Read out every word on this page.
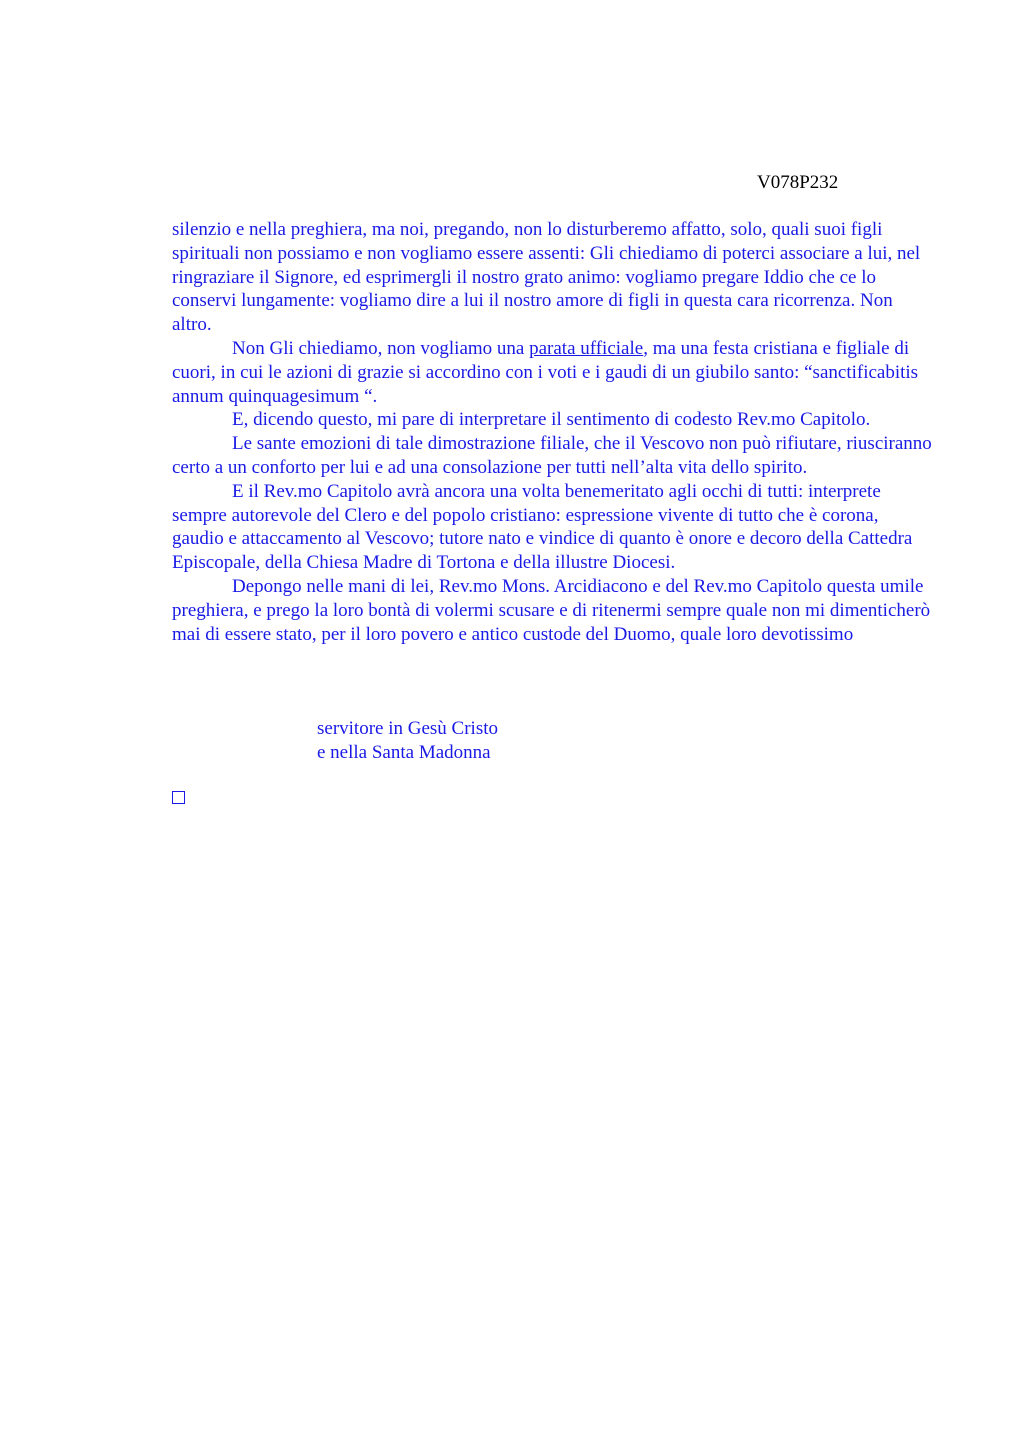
V078P232

silenzio e nella preghiera, ma noi, pregando, non lo disturberemo affatto, solo, quali suoi figli spirituali non possiamo e non vogliamo essere assenti: Gli chiediamo di poterci associare a lui, nel ringraziare il Signore, ed esprimergli il nostro grato animo: vogliamo pregare Iddio che ce lo conservi lungamente: vogliamo dire a lui il nostro amore di figli in questa cara ricorrenza. Non altro.

Non Gli chiediamo, non vogliamo una parata ufficiale, ma una festa cristiana e figliale di cuori, in cui le azioni di grazie si accordino con i voti e i gaudi di un giubilo santo: “sanctificabitis annum quinquagesimum “.

E, dicendo questo, mi pare di interpretare il sentimento di codesto Rev.mo Capitolo.

Le sante emozioni di tale dimostrazione filiale, che il Vescovo non può rifiutare, riusciranno certo a un conforto per lui e ad una consolazione per tutti nell’alta vita dello spirito.

E il Rev.mo Capitolo avrà ancora una volta benemeritato agli occhi di tutti: interprete sempre autorevole del Clero e del popolo cristiano: espressione vivente di tutto che è corona, gaudio e attaccamento al Vescovo; tutore nato e vindice di quanto è onore e decoro della Cattedra Episcopale, della Chiesa Madre di Tortona e della illustre Diocesi.

Depongo nelle mani di lei, Rev.mo Mons. Arcidiacono e del Rev.mo Capitolo questa umile preghiera, e prego la loro bontà di volermi scusare e di ritenermi sempre quale non mi dimenticherò mai di essere stato, per il loro povero e antico custode del Duomo, quale loro devotissimo

servitore in Gesù Cristo
e nella Santa Madonna
